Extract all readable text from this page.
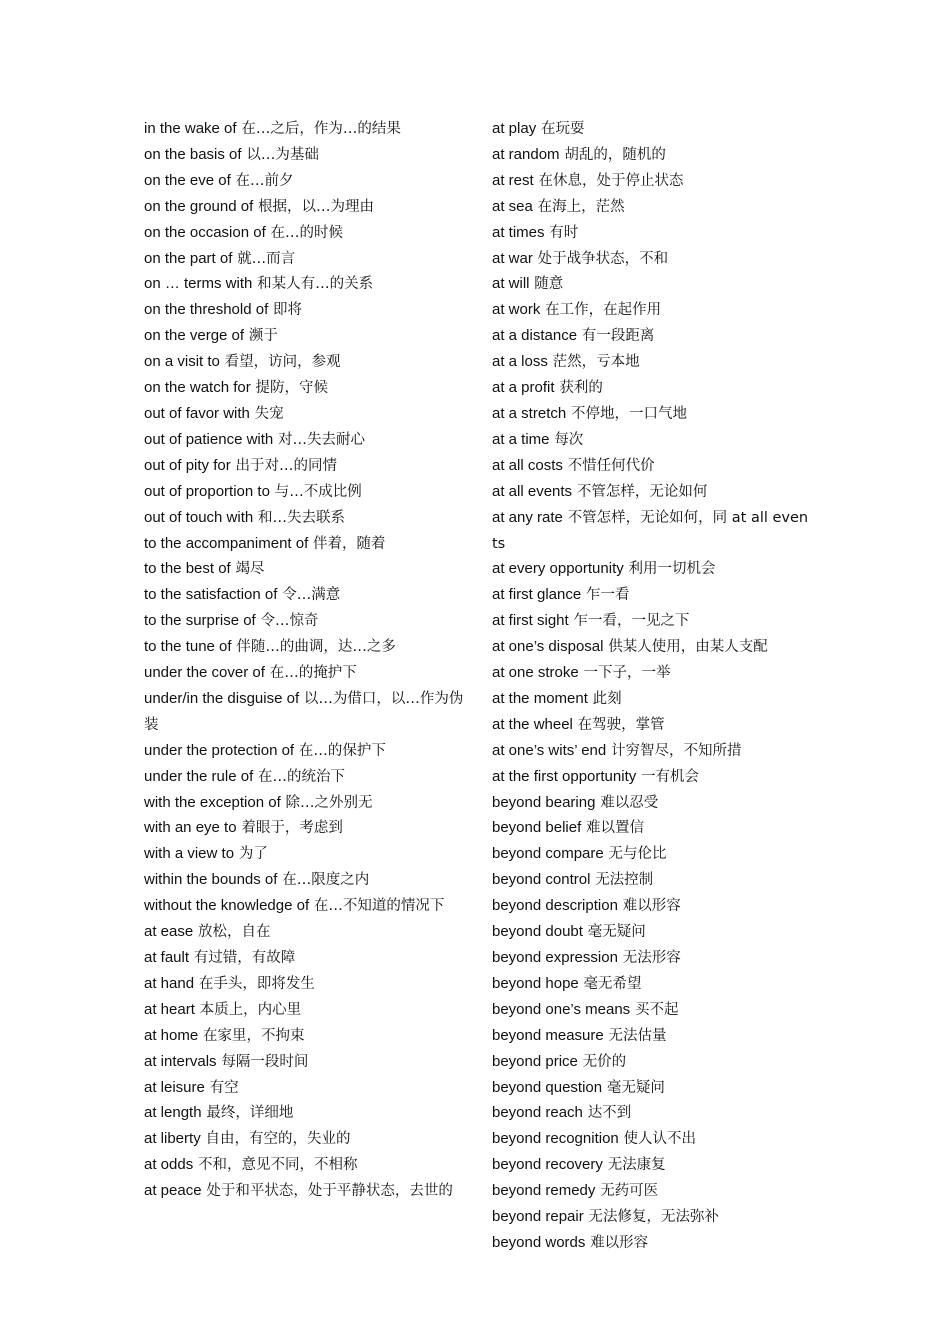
in the wake of 在…之后，作为…的结果
on the basis of 以…为基础
on the eve of 在…前夕
on the ground of 根据，以…为理由
on the occasion of 在…的时候
on the part of 就…而言
on … terms with 和某人有…的关系
on the threshold of 即将
on the verge of 濒于
on a visit to 看望，访问，参观
on the watch for 提防，守候
out of favor with 失宠
out of patience with 对…失去耐心
out of pity for 出于对…的同情
out of proportion to 与…不成比例
out of touch with 和…失去联系
to the accompaniment of 伴着，随着
to the best of 竭尽
to the satisfaction of 令…满意
to the surprise of 令…惊奇
to the tune of 伴随…的曲调，达…之多
under the cover of 在…的掩护下
under/in the disguise of 以…为借口，以…作为伪装
under the protection of 在…的保护下
under the rule of 在…的统治下
with the exception of 除…之外别无
with an eye to 着眼于，考虑到
with a view to 为了
within the bounds of 在…限度之内
without the knowledge of 在…不知道的情况下
at ease 放松，自在
at fault 有过错，有故障
at hand 在手头，即将发生
at heart 本质上，内心里
at home 在家里，不拘束
at intervals 每隔一段时间
at leisure 有空
at length 最终，详细地
at liberty 自由，有空的，失业的
at odds 不和，意见不同，不相称
at peace 处于和平状态，处于平静状态，去世的
at play 在玩耍
at random 胡乱的，随机的
at rest 在休息，处于停止状态
at sea 在海上，茫然
at times 有时
at war 处于战争状态，不和
at will 随意
at work 在工作，在起作用
at a distance 有一段距离
at a loss 茫然，亏本地
at a profit 获利的
at a stretch 不停地，一口气地
at a time 每次
at all costs 不惜任何代价
at all events 不管怎样，无论如何
at any rate 不管怎样，无论如何，同 at all events
at every opportunity 利用一切机会
at first glance 乍一看
at first sight 乍一看，一见之下
at one’s disposal 供某人使用，由某人支配
at one stroke 一下子，一举
at the moment 此刻
at the wheel 在驾驶，掌管
at one’s wits’ end 计穷智尽，不知所措
at the first opportunity 一有机会
beyond bearing 难以忍受
beyond belief 难以置信
beyond compare 无与伦比
beyond control 无法控制
beyond description 难以形容
beyond doubt 毫无疑问
beyond expression 无法形容
beyond hope 毫无希望
beyond one’s means 买不起
beyond measure 无法估量
beyond price 无价的
beyond question 毫无疑问
beyond reach 达不到
beyond recognition 使人认不出
beyond recovery 无法康复
beyond remedy 无药可医
beyond repair 无法修复，无法弥补
beyond words 难以形容
